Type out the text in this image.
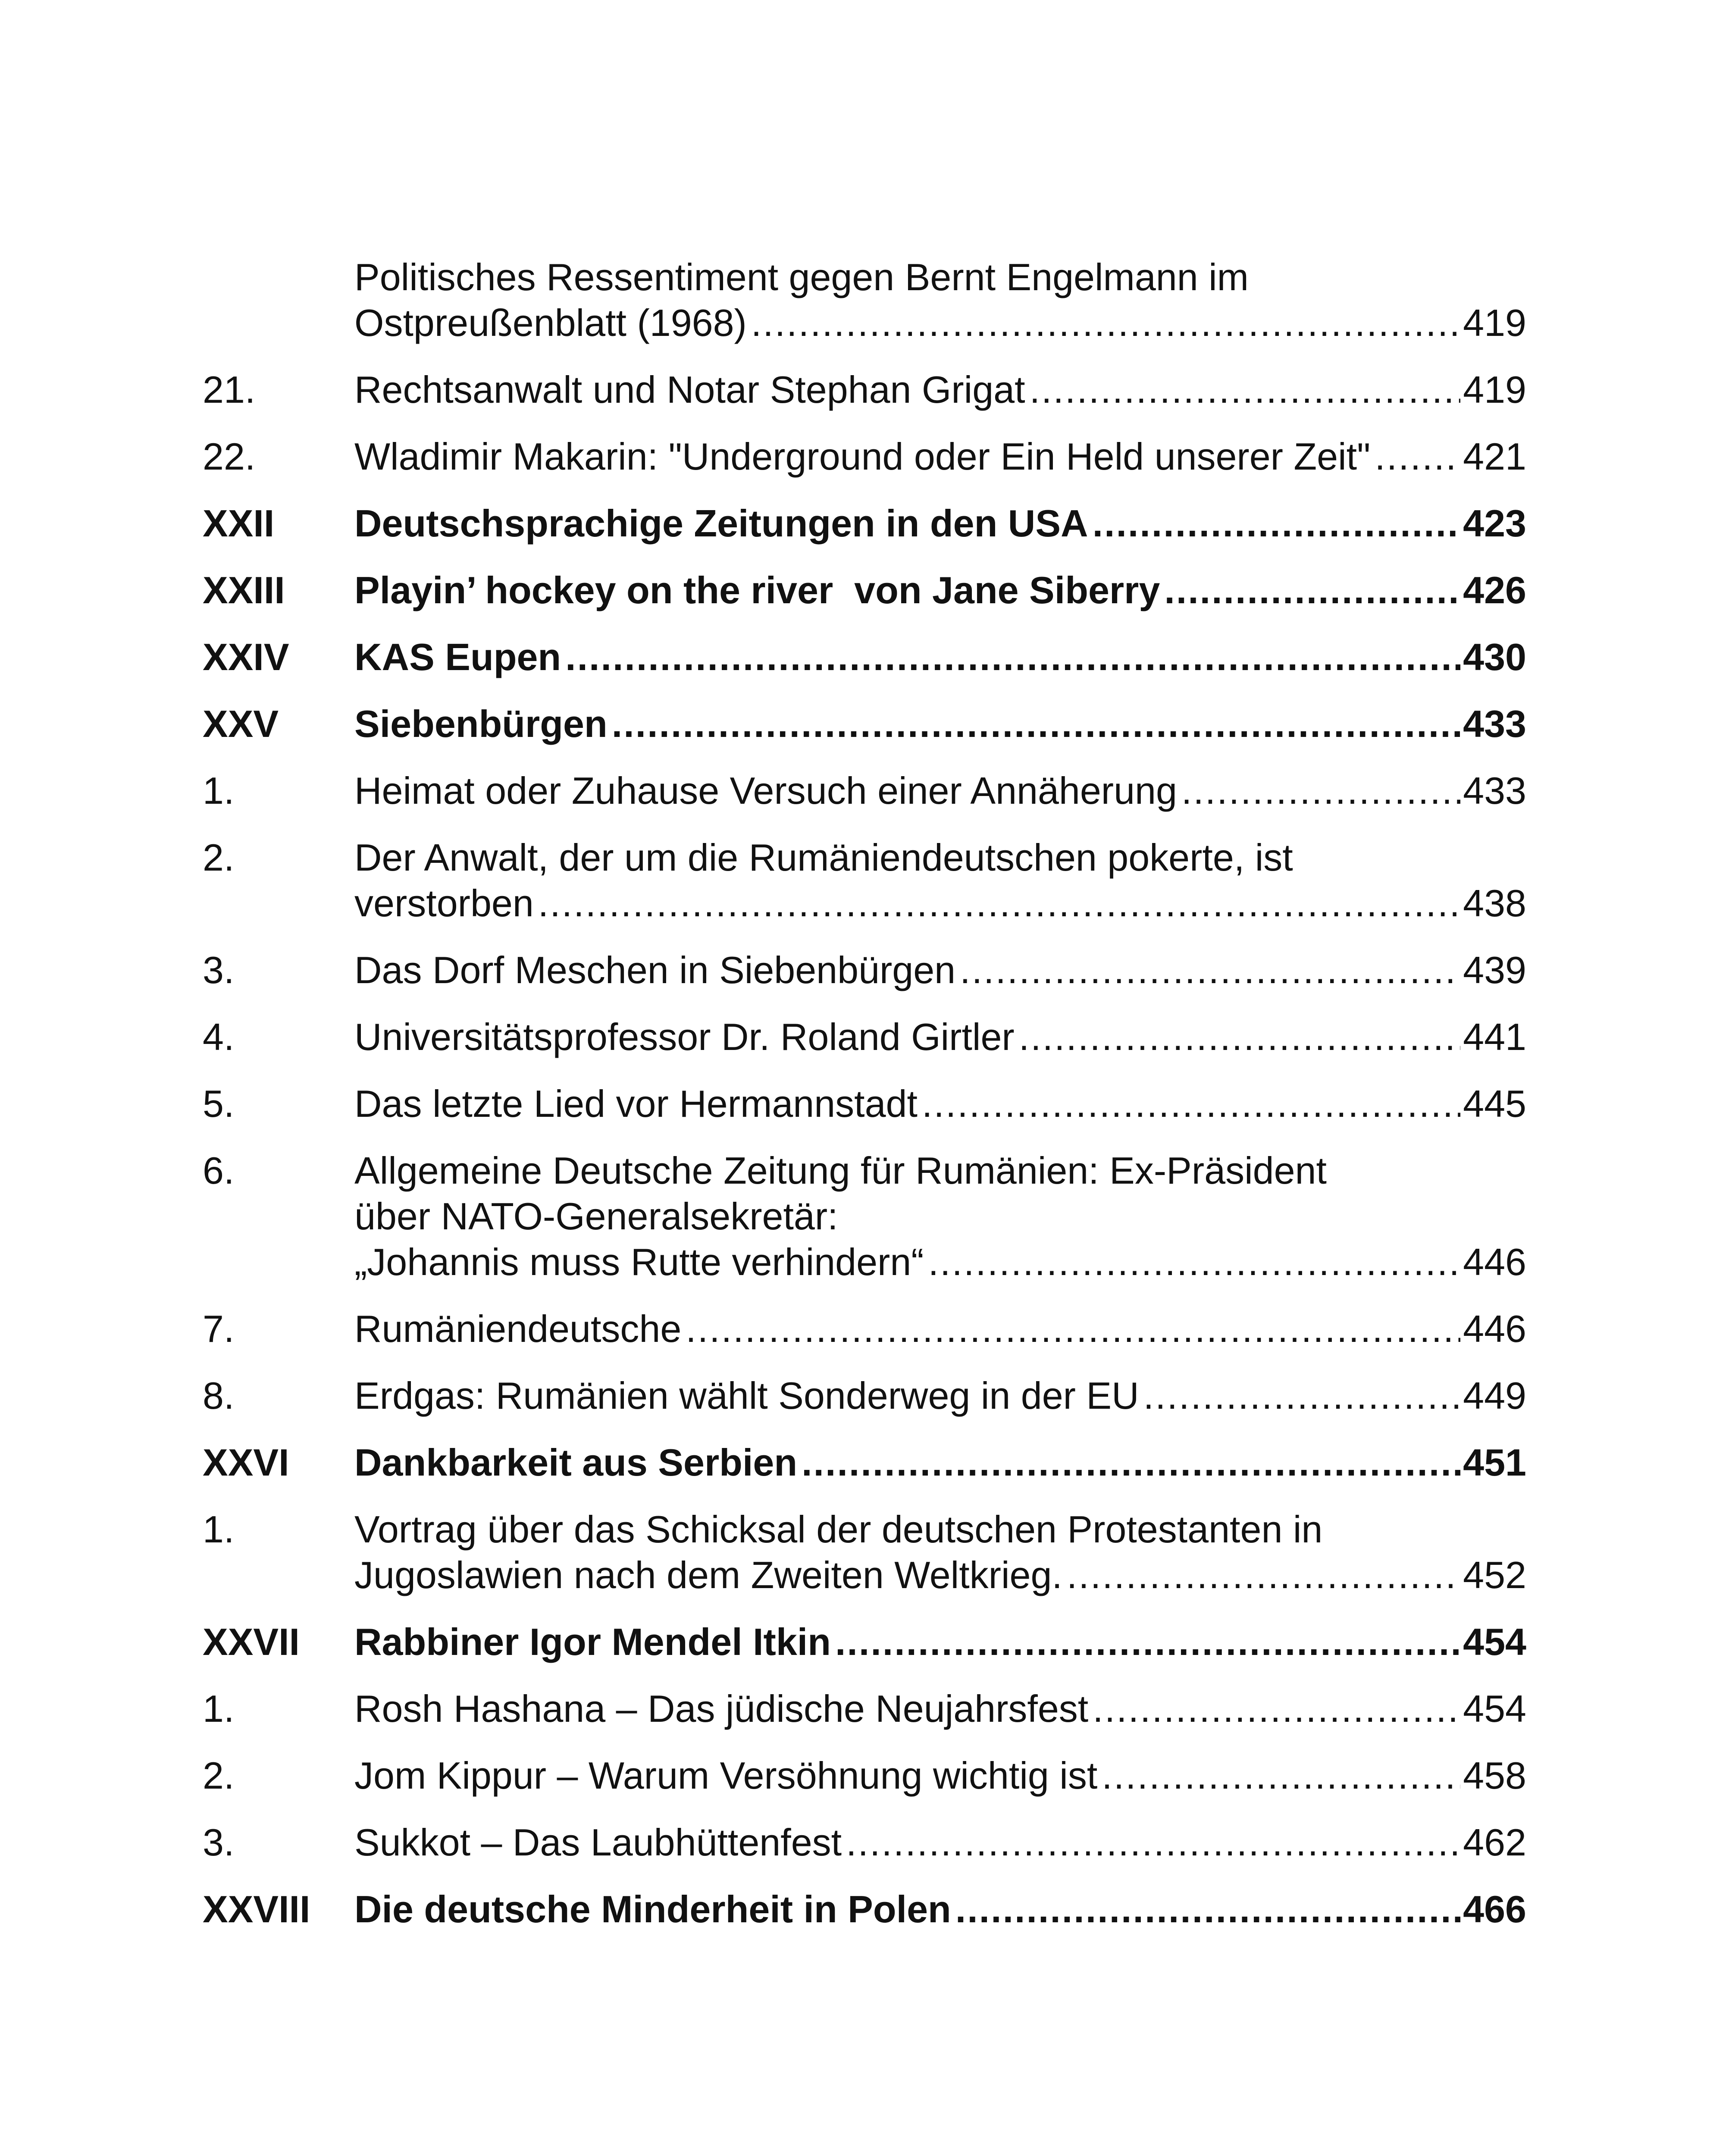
Politisches Ressentiment gegen Bernt Engelmann im
Ostpreußenblatt (1968) .....	419
21.	Rechtsanwalt und Notar Stephan Grigat .....	419
22.	Wladimir Makarin: "Underground oder Ein Held unserer Zeit" ..... 421
XXII	Deutschsprachige Zeitungen in den USA .....	423
XXIII	Playin’ hockey on the river  von Jane Siberry .....	426
XXIV	KAS Eupen .....	430
XXV	Siebenbürgen .....	433
1.	Heimat oder Zuhause Versuch einer Annäherung .....	433
2.	Der Anwalt, der um die Rumäniendeutschen pokerte, ist
verstorben .....	438
3.	Das Dorf Meschen in Siebenbürgen .....	439
4.	Universitätsprofessor Dr. Roland Girtler .....	441
5.	Das letzte Lied vor Hermannstadt .....	445
6.	Allgemeine Deutsche Zeitung für Rumänien: Ex-Präsident
über NATO-Generalsekretär:
„Johannis muss Rutte verhindern“ .....	446
7.	Rumäniendeutsche .....	446
8.	Erdgas: Rumänien wählt Sonderweg in der EU .....	449
XXVI	Dankbarkeit aus Serbien .....	451
1.	Vortrag über das Schicksal der deutschen Protestanten in
Jugoslawien nach dem Zweiten Weltkrieg. .....	452
XXVII	Rabbiner Igor Mendel Itkin .....	454
1.	Rosh Hashana – Das jüdische Neujahrsfest .....	454
2.	Jom Kippur – Warum Versöhnung wichtig ist .....	458
3.	Sukkot – Das Laubhüttenfest .....	462
XXVIII	Die deutsche Minderheit in Polen .....	466
